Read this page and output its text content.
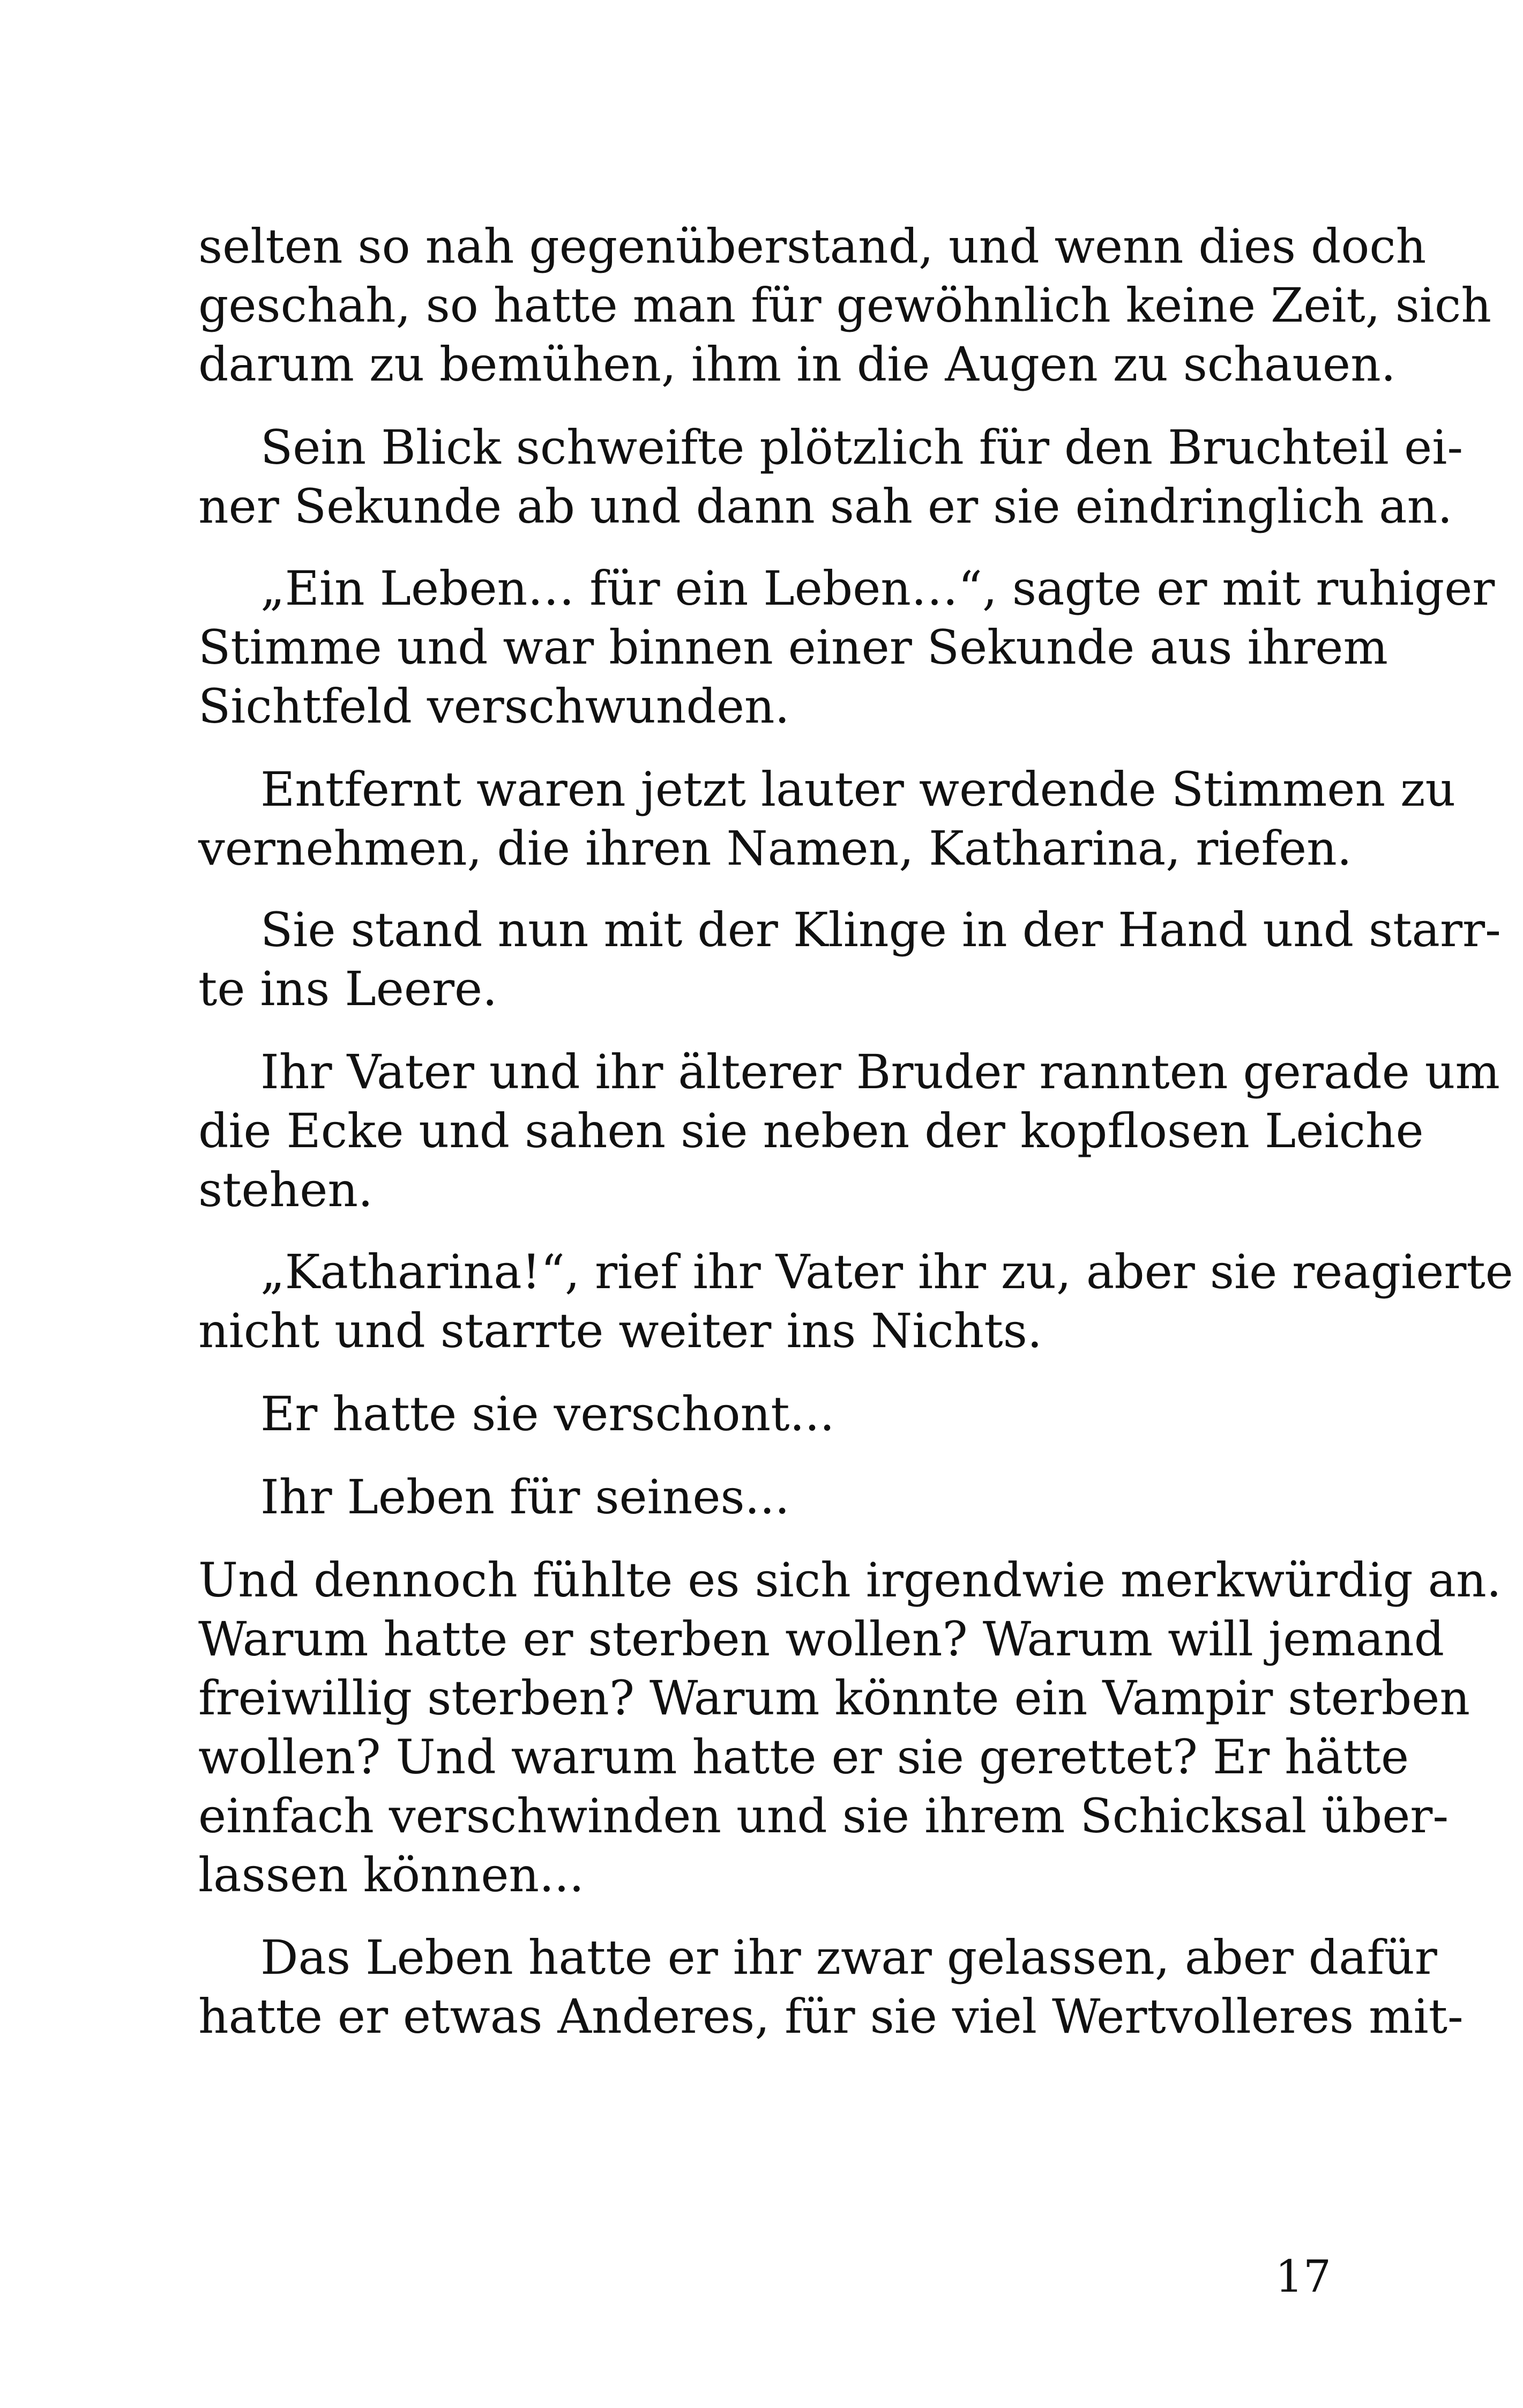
selten so nah gegenüberstand, und wenn dies doch
geschah, so hatte man für gewöhnlich keine Zeit, sich
darum zu bemühen, ihm in die Augen zu schauen.
Sein Blick schweifte plötzlich für den Bruchteil ei-
ner Sekunde ab und dann sah er sie eindringlich an.
„Ein Leben… für ein Leben…“, sagte er mit ruhiger
Stimme und war binnen einer Sekunde aus ihrem
Sichtfeld verschwunden.
Entfernt waren jetzt lauter werdende Stimmen zu
vernehmen, die ihren Namen, Katharina, riefen.
Sie stand nun mit der Klinge in der Hand und starr-
te ins Leere.
Ihr Vater und ihr älterer Bruder rannten gerade um
die Ecke und sahen sie neben der kopflosen Leiche
stehen.
„Katharina!“, rief ihr Vater ihr zu, aber sie reagierte
nicht und starrte weiter ins Nichts.
Er hatte sie verschont...
Ihr Leben für seines...
Und dennoch fühlte es sich irgendwie merkwürdig an.
Warum hatte er sterben wollen? Warum will jemand
freiwillig sterben? Warum könnte ein Vampir sterben
wollen? Und warum hatte er sie gerettet? Er hätte
einfach verschwinden und sie ihrem Schicksal über-
lassen können...
Das Leben hatte er ihr zwar gelassen, aber dafür
hatte er etwas Anderes, für sie viel Wertvolleres mit-
17
